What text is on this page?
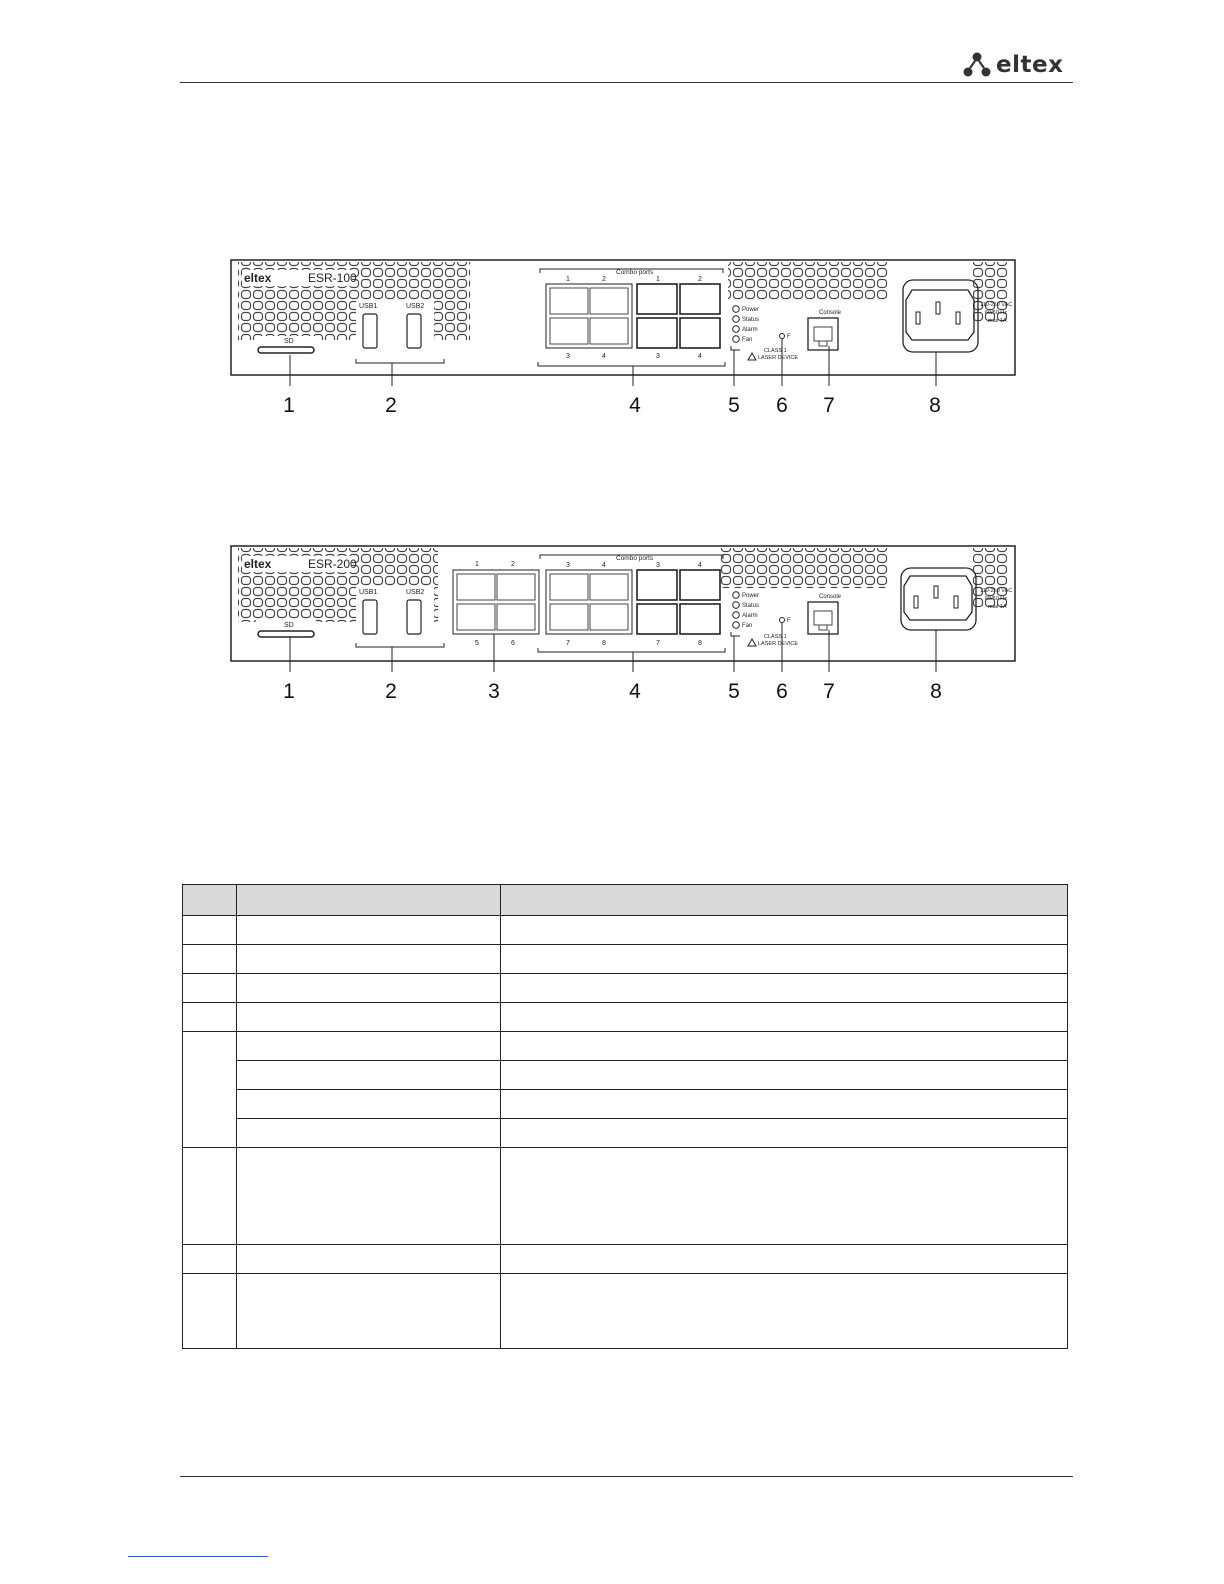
eltex
eltex	ESR-100
SD
USB1	USB2
Combo ports
1	2
3	4
1	2
3	4
Power
Status
Alarm
Fan
CLASS 1
LASER DEVICE
F
Console
110-250 VAC
60/50 Hz
max 1A
1	2	4	5 6 7	8
eltex	ESR-200
SD
USB1	USB2
1	2
5	6
Combo ports
3	4
7	8
3	4
7	8
Power
Status
Alarm
Fan
CLASS 1
LASER DEVICE
F
Console
110-250 VAC
60/50 Hz
max 1A
1	2	3	4	5 6 7	8
